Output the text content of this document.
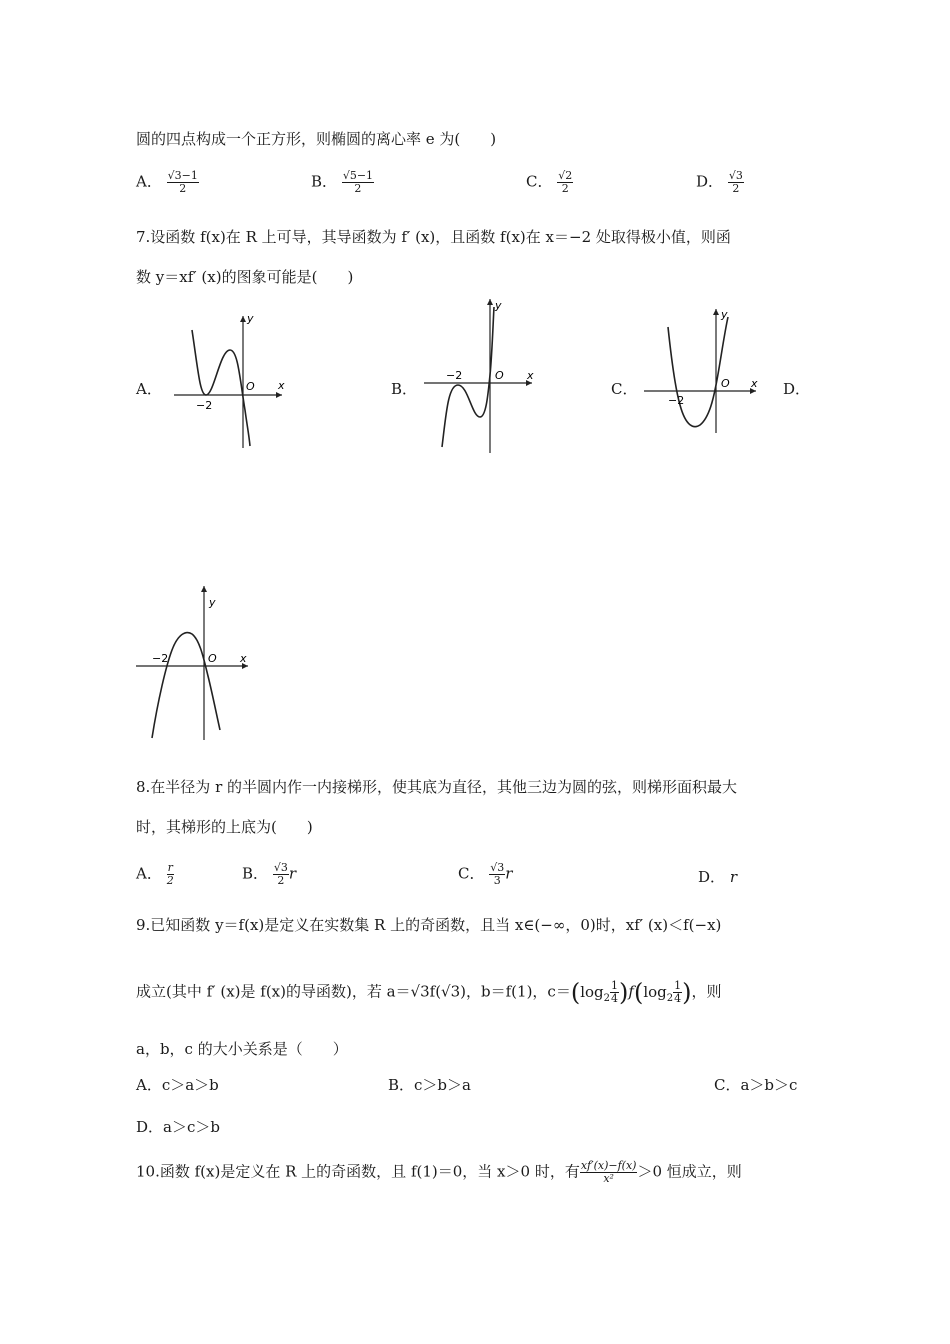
圆的四点构成一个正方形，则椭圆的离心率 e 为(　　)
A． $\frac{√3-1}{2}$	B． $\frac{√5-1}{2}$	C． $\frac{√2}{2}$	D． $\frac{√3}{2}$
7.设函数 f(x)在 R 上可导，其导函数为 f′ (x)，且函数 f(x)在 x＝−2 处取得极小值，则函
数 y＝xf′ (x)的图象可能是(　　)
A．	B．	C．	D．
y
x
O
−2
y
x
O
−2
y
x
O
−2
y
x
O
−2
8.在半径为 r 的半圆内作一内接梯形，使其底为直径，其他三边为圆的弦，则梯形面积最大
时，其梯形的上底为(　　)
A． $\frac{r}{2}$	B． $\frac{√3}{2}$ r	C． $\frac{√3}{3}$ r	D． r
9.已知函数 y＝f(x)是定义在实数集 R 上的奇函数，且当 x∈(−∞，0)时，xf′ (x)＜f(−x)
成立(其中 f′ (x)是 f(x)的导函数)，若 a＝√3f(√3)，b＝f(1)，$c=(\log_2 \frac{1}{4} )f(\log_2 \frac{1}{4}$ )，则
a，b，c 的大小关系是（　　）
A．c＞a＞b	B．c＞b＞a	C．a＞b＞c
D．a＞c＞b
10.函数 f(x)是定义在 R 上的奇函数，且 f(1)＝0，当 x＞0 时，有 $\frac{xf'(x)-f(x)}{\text{x²}} >0$ 恒成立，则
